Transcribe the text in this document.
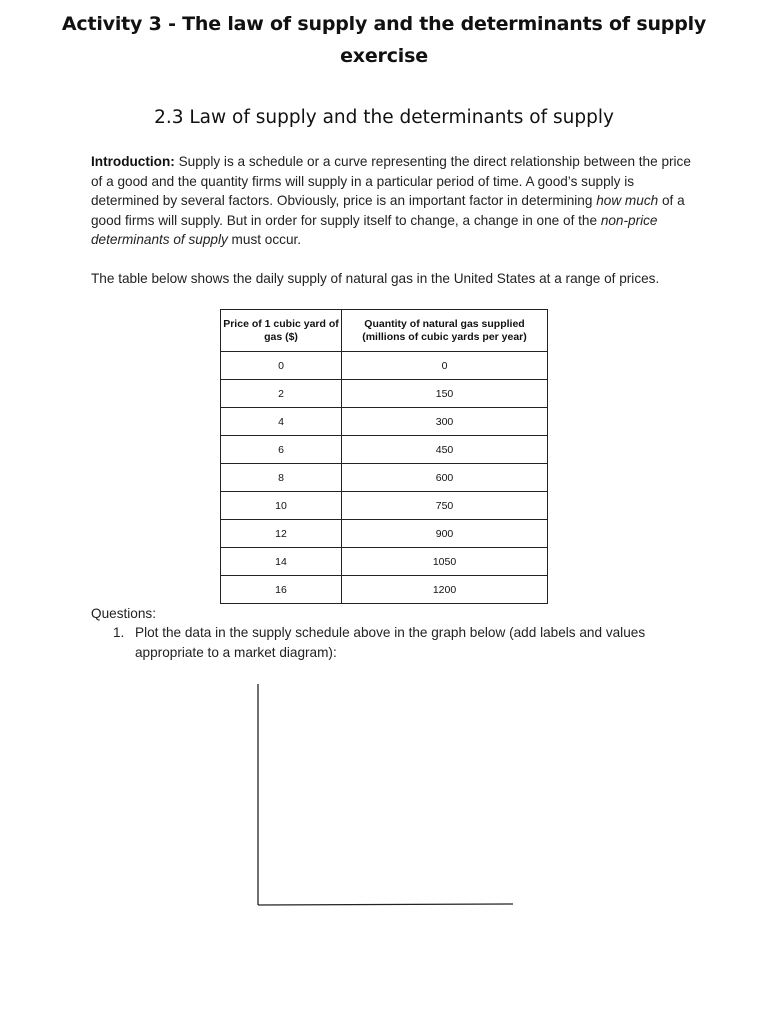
Activity 3 - The law of supply and the determinants of supply exercise
2.3 Law of supply and the determinants of supply
Introduction: Supply is a schedule or a curve representing the direct relationship between the price of a good and the quantity firms will supply in a particular period of time. A good’s supply is determined by several factors. Obviously, price is an important factor in determining how much of a good firms will supply. But in order for supply itself to change, a change in one of the non-price determinants of supply must occur.
The table below shows the daily supply of natural gas in the United States at a range of prices.
Price of 1 cubic yard of gas ($)	Quantity of natural gas supplied (millions of cubic yards per year)
0	0
2	150
4	300
6	450
8	600
10	750
12	900
14	1050
16	1200
Questions:
1. Plot the data in the supply schedule above in the graph below (add labels and values appropriate to a market diagram):
